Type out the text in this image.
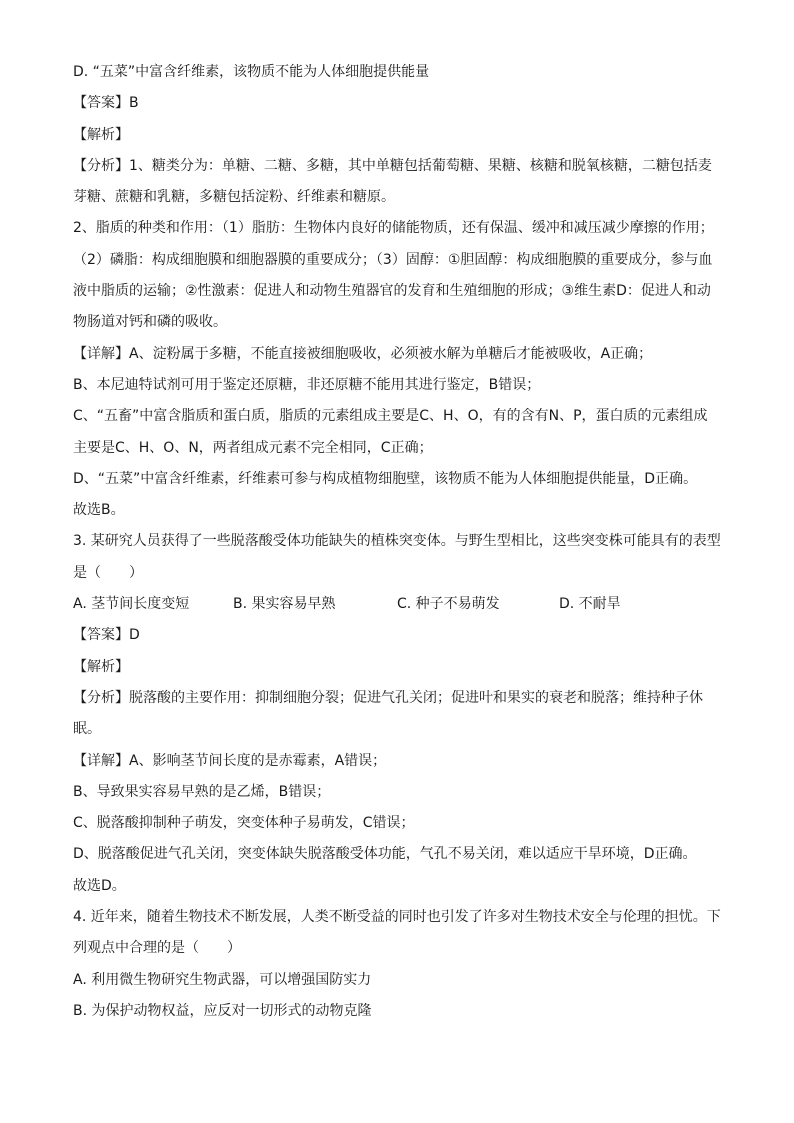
D. “五菜”中富含纤维素，该物质不能为人体细胞提供能量
【答案】B
【解析】
【分析】1、糖类分为：单糖、二糖、多糖，其中单糖包括葡萄糖、果糖、核糖和脱氧核糖，二糖包括麦
芽糖、蔗糖和乳糖，多糖包括淀粉、纤维素和糖原。
2、脂质的种类和作用：（1）脂肪：生物体内良好的储能物质，还有保温、缓冲和减压减少摩擦的作用；
（2）磷脂：构成细胞膜和细胞器膜的重要成分；（3）固醇：①胆固醇：构成细胞膜的重要成分，参与血
液中脂质的运输；②性激素：促进人和动物生殖器官的发育和生殖细胞的形成；③维生素D：促进人和动
物肠道对钙和磷的吸收。
【详解】A、淀粉属于多糖，不能直接被细胞吸收，必须被水解为单糖后才能被吸收，A正确；
B、本尼迪特试剂可用于鉴定还原糖，非还原糖不能用其进行鉴定，B错误；
C、“五畜”中富含脂质和蛋白质，脂质的元素组成主要是C、H、O，有的含有N、P，蛋白质的元素组成
主要是C、H、O、N，两者组成元素不完全相同，C正确；
D、“五菜”中富含纤维素，纤维素可参与构成植物细胞壁，该物质不能为人体细胞提供能量，D正确。
故选B。
3. 某研究人员获得了一些脱落酸受体功能缺失的植株突变体。与野生型相比，这些突变株可能具有的表型
是（　　）
A. 茎节间长度变短	B. 果实容易早熟	C. 种子不易萌发	D. 不耐旱
【答案】D
【解析】
【分析】脱落酸的主要作用：抑制细胞分裂；促进气孔关闭；促进叶和果实的衰老和脱落；维持种子休
眠。
【详解】A、影响茎节间长度的是赤霉素，A错误；
B、导致果实容易早熟的是乙烯，B错误；
C、脱落酸抑制种子萌发，突变体种子易萌发，C错误；
D、脱落酸促进气孔关闭，突变体缺失脱落酸受体功能，气孔不易关闭，难以适应干旱环境，D正确。
故选D。
4. 近年来，随着生物技术不断发展，人类不断受益的同时也引发了许多对生物技术安全与伦理的担忧。下
列观点中合理的是（　　）
A. 利用微生物研究生物武器，可以增强国防实力
B. 为保护动物权益，应反对一切形式的动物克隆
